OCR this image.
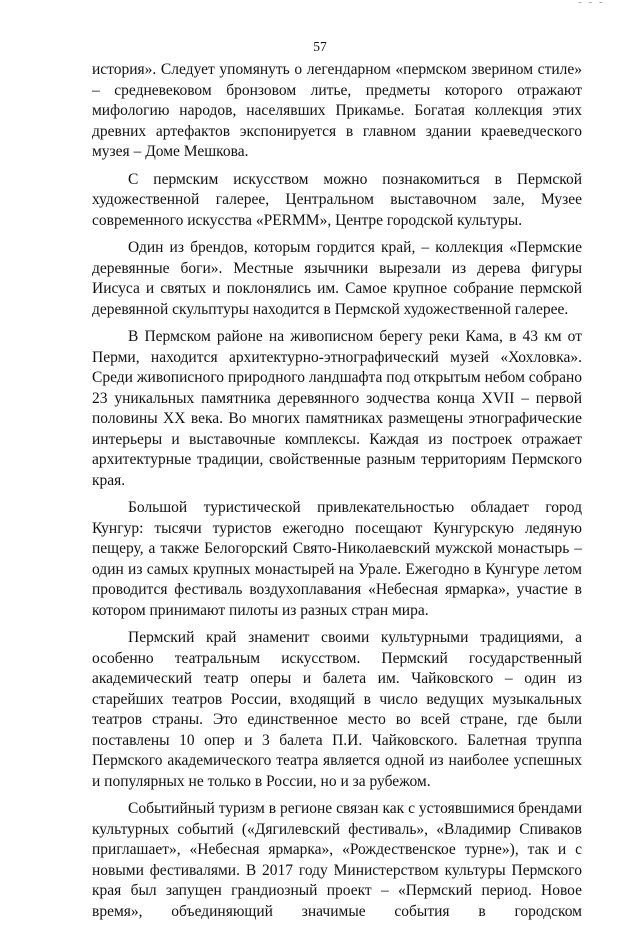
˜ ˜ ˜
57

история». Следует упомянуть о легендарном «пермском зверином стиле» – средневековом бронзовом литье, предметы которого отражают мифологию народов, населявших Прикамье. Богатая коллекция этих древних артефактов экспонируется в главном здании краеведческого музея – Доме Мешкова.

С пермским искусством можно познакомиться в Пермской художественной галерее, Центральном выставочном зале, Музее современного искусства «PERMM», Центре городской культуры.

Один из брендов, которым гордится край, – коллекция «Пермские деревянные боги». Местные язычники вырезали из дерева фигуры Иисуса и святых и поклонялись им. Самое крупное собрание пермской деревянной скульптуры находится в Пермской художественной галерее.

В Пермском районе на живописном берегу реки Кама, в 43 км от Перми, находится архитектурно-этнографический музей «Хохловка». Среди живописного природного ландшафта под открытым небом собрано 23 уникальных памятника деревянного зодчества конца XVII – первой половины XX века. Во многих памятниках размещены этнографические интерьеры и выставочные комплексы. Каждая из построек отражает архитектурные традиции, свойственные разным территориям Пермского края.

Большой туристической привлекательностью обладает город Кунгур: тысячи туристов ежегодно посещают Кунгурскую ледяную пещеру, а также Белогорский Свято-Николаевский мужской монастырь – один из самых крупных монастырей на Урале. Ежегодно в Кунгуре летом проводится фестиваль воздухоплавания «Небесная ярмарка», участие в котором принимают пилоты из разных стран мира.

Пермский край знаменит своими культурными традициями, а особенно театральным искусством. Пермский государственный академический театр оперы и балета им. Чайковского – один из старейших театров России, входящий в число ведущих музыкальных театров страны. Это единственное место во всей стране, где были поставлены 10 опер и 3 балета П.И. Чайковского. Балетная труппа Пермского академического театра является одной из наиболее успешных и популярных не только в России, но и за рубежом.

Событийный туризм в регионе связан как с устоявшимися брендами культурных событий («Дягилевский фестиваль», «Владимир Спиваков приглашает», «Небесная ярмарка», «Рождественское турне»), так и с новыми фестивалями. В 2017 году Министерством культуры Пермского края был запущен грандиозный проект – «Пермский период. Новое время», объединяющий значимые события в городском
